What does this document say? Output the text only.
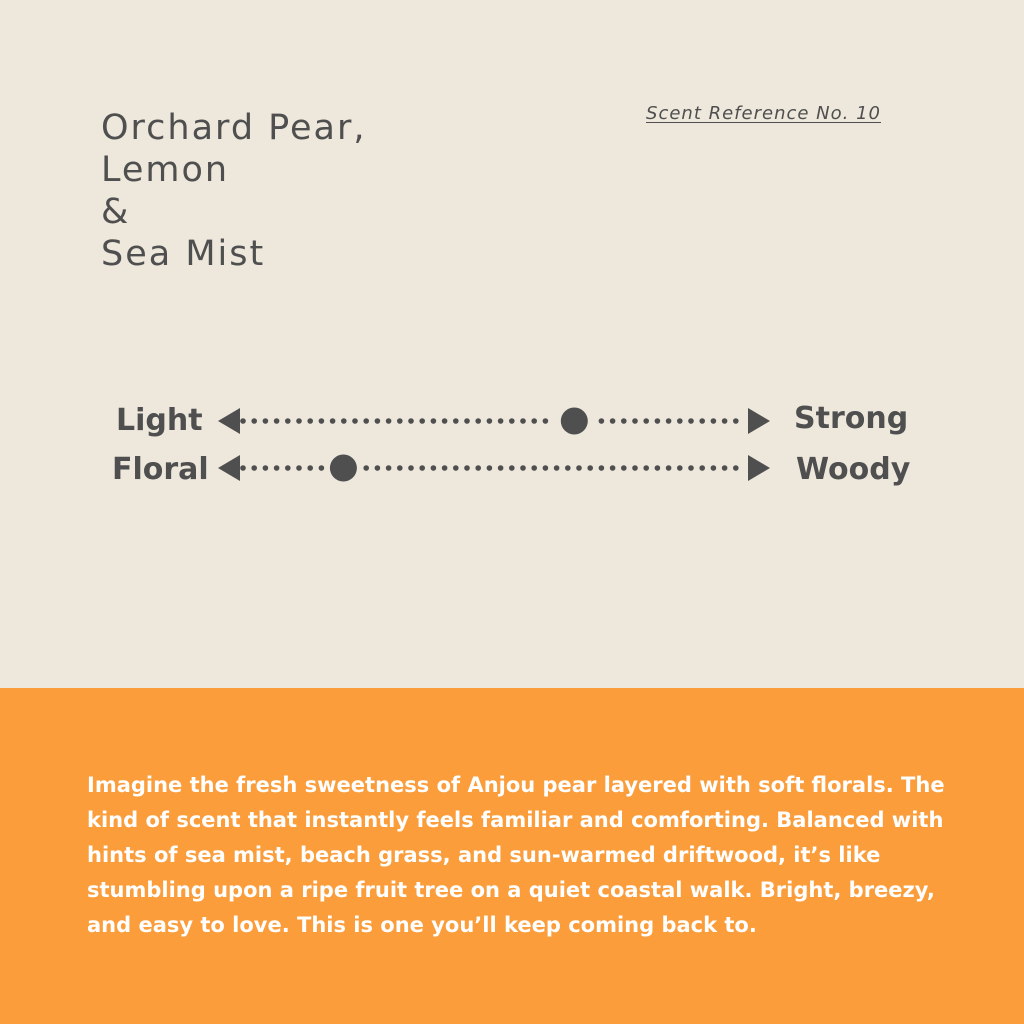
Orchard Pear,
Lemon
&
Sea Mist
Scent Reference No. 10
Light	Strong
Floral	Woody

Imagine the fresh sweetness of Anjou pear layered with soft florals. The kind of scent that instantly feels familiar and comforting. Balanced with hints of sea mist, beach grass, and sun-warmed driftwood, it’s like stumbling upon a ripe fruit tree on a quiet coastal walk. Bright, breezy, and easy to love. This is one you’ll keep coming back to.
